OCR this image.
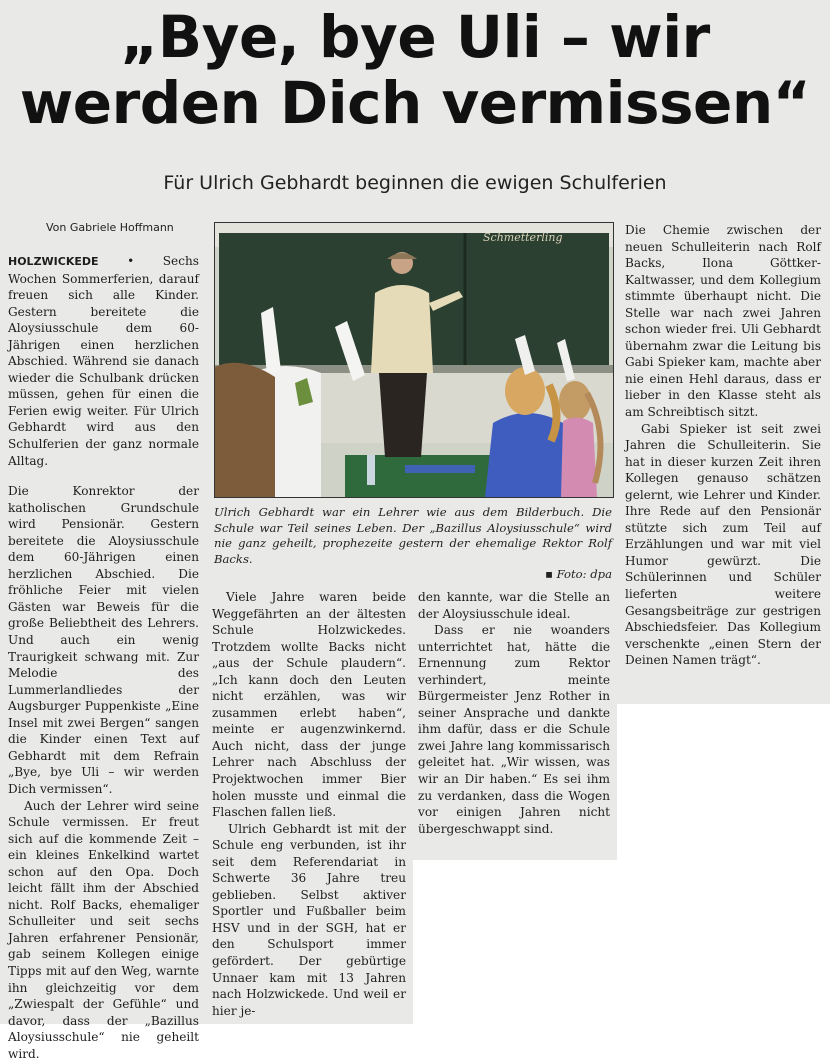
„Bye, bye Uli – wir
werden Dich vermissen“
Für Ulrich Gebhardt beginnen die ewigen Schulferien
Von Gabriele Hoffmann

HOLZWICKEDE • Sechs Wochen Sommerferien, darauf freuen sich alle Kinder. Gestern bereitete die Aloysiusschule dem 60-Jährigen einen herzlichen Abschied. Während sie danach wieder die Schulbank drücken müssen, gehen für einen die Ferien ewig weiter. Für Ulrich Gebhardt wird aus den Schulferien der ganz normale Alltag.

Die Konrektor der katholischen Grundschule wird Pensionär. Gestern bereitete die Aloysiusschule dem 60-Jährigen einen herzlichen Abschied. Die fröhliche Feier mit vielen Gästen war Beweis für die große Beliebtheit des Lehrers. Und auch ein wenig Traurigkeit schwang mit. Zur Melodie des Lummerlandliedes der Augsburger Puppenkiste „Eine Insel mit zwei Bergen“ sangen die Kinder einen Text auf Gebhardt mit dem Refrain „Bye, bye Uli – wir werden Dich vermissen“.

Auch der Lehrer wird seine Schule vermissen. Er freut sich auf die kommende Zeit – ein kleines Enkelkind wartet schon auf den Opa. Doch leicht fällt ihm der Abschied nicht. Rolf Backs, ehemaliger Schulleiter und seit sechs Jahren erfahrener Pensionär, gab seinem Kollegen einige Tipps mit auf den Weg, warnte ihn gleichzeitig vor dem „Zwiespalt der Gefühle“ und davor, dass der „Bazillus Aloysiusschule“ nie geheilt wird.

Schmetterling
Ulrich Gebhardt war ein Lehrer wie aus dem Bilderbuch. Die Schule war Teil seines Leben. Der „Bazillus Aloysiusschule“ wird nie ganz geheilt, prophezeite gestern der ehemalige Rektor Rolf Backs.
▪ Foto: dpa

Viele Jahre waren beide Weggefährten an der ältesten Schule Holzwickedes. Trotzdem wollte Backs nicht „aus der Schule plaudern“. „Ich kann doch den Leuten nicht erzählen, was wir zusammen erlebt haben“, meinte er augenzwinkernd. Auch nicht, dass der junge Lehrer nach Abschluss der Projektwochen immer Bier holen musste und einmal die Flaschen fallen ließ.

Ulrich Gebhardt ist mit der Schule eng verbunden, ist ihr seit dem Referendariat in Schwerte 36 Jahre treu geblieben. Selbst aktiver Sportler und Fußballer beim HSV und in der SGH, hat er den Schulsport immer gefördert. Der gebürtige Unnaer kam mit 13 Jahren nach Holzwickede. Und weil er hier je-

den kannte, war die Stelle an der Aloysiusschule ideal.

Dass er nie woanders unterrichtet hat, hätte die Ernennung zum Rektor verhindert, meinte Bürgermeister Jenz Rother in seiner Ansprache und dankte ihm dafür, dass er die Schule zwei Jahre lang kommissarisch geleitet hat. „Wir wissen, was wir an Dir haben.“ Es sei ihm zu verdanken, dass die Wogen vor einigen Jahren nicht übergeschwappt sind.

Die Chemie zwischen der neuen Schulleiterin nach Rolf Backs, Ilona Göttker-Kaltwasser, und dem Kollegium stimmte überhaupt nicht. Die Stelle war nach zwei Jahren schon wieder frei. Uli Gebhardt übernahm zwar die Leitung bis Gabi Spieker kam, machte aber nie einen Hehl daraus, dass er lieber in den Klasse steht als am Schreibtisch sitzt.

Gabi Spieker ist seit zwei Jahren die Schulleiterin. Sie hat in dieser kurzen Zeit ihren Kollegen genauso schätzen gelernt, wie Lehrer und Kinder. Ihre Rede auf den Pensionär stützte sich zum Teil auf Erzählungen und war mit viel Humor gewürzt. Die Schülerinnen und Schüler lieferten weitere Gesangsbeiträge zur gestrigen Abschiedsfeier. Das Kollegium verschenkte „einen Stern der Deinen Namen trägt“.
